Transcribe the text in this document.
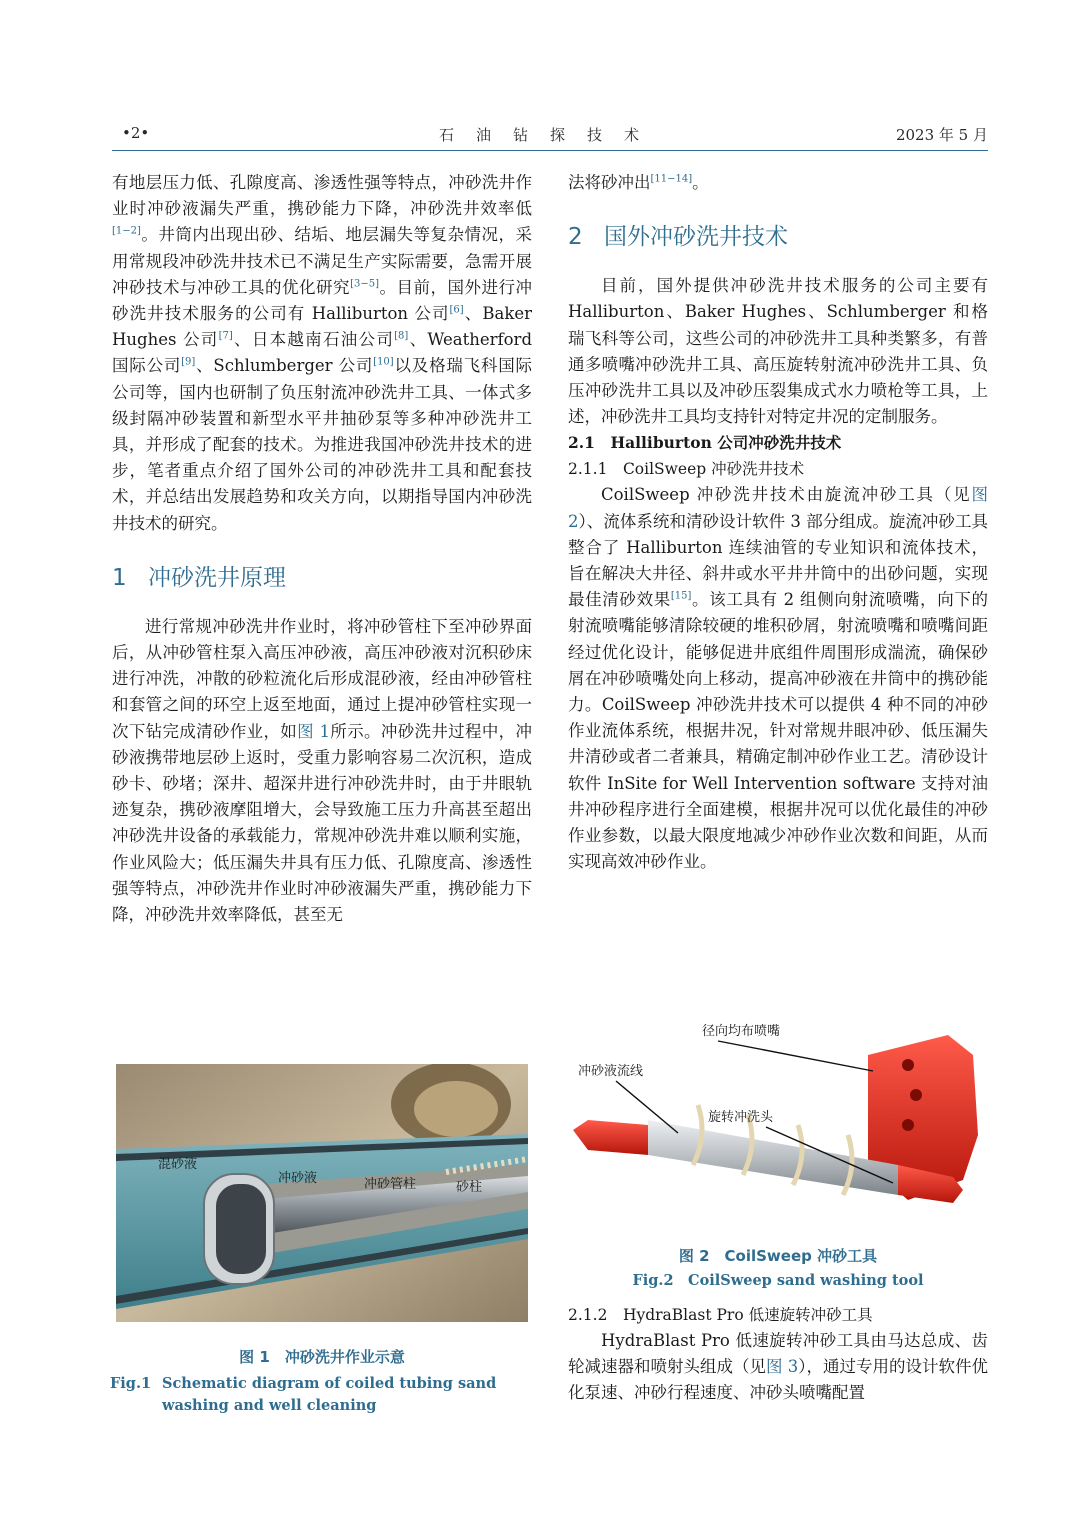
•2•	石油钻探技术	2023 年 5 月

有地层压力低、孔隙度高、渗透性强等特点，冲砂洗井作业时冲砂液漏失严重，携砂能力下降，冲砂洗井效率低[1−2]。井筒内出现出砂、结垢、地层漏失等复杂情况，采用常规段冲砂洗井技术已不满足生产实际需要，急需开展冲砂技术与冲砂工具的优化研究[3−5]。目前，国外进行冲砂洗井技术服务的公司有 Halliburton 公司[6]、Baker Hughes 公司[7]、日本越南石油公司[8]、Weatherford 国际公司[9]、Schlumberger 公司[10]以及格瑞飞科国际公司等，国内也研制了负压射流冲砂洗井工具、一体式多级封隔冲砂装置和新型水平井抽砂泵等多种冲砂洗井工具，并形成了配套的技术。为推进我国冲砂洗井技术的进步，笔者重点介绍了国外公司的冲砂洗井工具和配套技术，并总结出发展趋势和攻关方向，以期指导国内冲砂洗井技术的研究。

1 冲砂洗井原理

进行常规冲砂洗井作业时，将冲砂管柱下至冲砂界面后，从冲砂管柱泵入高压冲砂液，高压冲砂液对沉积砂床进行冲洗，冲散的砂粒流化后形成混砂液，经由冲砂管柱和套管之间的环空上返至地面，通过上提冲砂管柱实现一次下钻完成清砂作业，如图 1所示。冲砂洗井过程中，冲砂液携带地层砂上返时，受重力影响容易二次沉积，造成砂卡、砂堵；深井、超深井进行冲砂洗井时，由于井眼轨迹复杂，携砂液摩阻增大，会导致施工压力升高甚至超出冲砂洗井设备的承载能力，常规冲砂洗井难以顺利实施，作业风险大；低压漏失井具有压力低、孔隙度高、渗透性强等特点，冲砂洗井作业时冲砂液漏失严重，携砂能力下降，冲砂洗井效率降低，甚至无

混砂液
冲砂液	冲砂管柱	砂柱
图 1　冲砂洗井作业示意
Fig.1 Schematic diagram of coiled tubing sand washing and well cleaning

法将砂冲出[11−14]。

2 国外冲砂洗井技术

目前，国外提供冲砂洗井技术服务的公司主要有 Halliburton、Baker Hughes、Schlumberger 和格瑞飞科等公司，这些公司的冲砂洗井工具种类繁多，有普通多喷嘴冲砂洗井工具、高压旋转射流冲砂洗井工具、负压冲砂洗井工具以及冲砂压裂集成式水力喷枪等工具，上述，冲砂洗井工具均支持针对特定井况的定制服务。

2.1　Halliburton 公司冲砂洗井技术
2.1.1　CoilSweep 冲砂洗井技术

CoilSweep 冲砂洗井技术由旋流冲砂工具（见图 2）、流体系统和清砂设计软件 3 部分组成。旋流冲砂工具整合了 Halliburton 连续油管的专业知识和流体技术，旨在解决大井径、斜井或水平井井筒中的出砂问题，实现最佳清砂效果[15]。该工具有 2 组侧向射流喷嘴，向下的射流喷嘴能够清除较硬的堆积砂屑，射流喷嘴和喷嘴间距经过优化设计，能够促进井底组件周围形成湍流，确保砂屑在冲砂喷嘴处向上移动，提高冲砂液在井筒中的携砂能力。CoilSweep 冲砂洗井技术可以提供 4 种不同的冲砂作业流体系统，根据井况，针对常规井眼冲砂、低压漏失井清砂或者二者兼具，精确定制冲砂作业工艺。清砂设计软件 InSite for Well Intervention software 支持对油井冲砂程序进行全面建模，根据井况可以优化最佳的冲砂作业参数，以最大限度地减少冲砂作业次数和间距，从而实现高效冲砂作业。

径向均布喷嘴
冲砂液流线
旋转冲洗头
图 2　CoilSweep 冲砂工具
Fig.2　CoilSweep sand washing tool
2.1.2　HydraBlast Pro 低速旋转冲砂工具

HydraBlast Pro 低速旋转冲砂工具由马达总成、齿轮减速器和喷射头组成（见图 3），通过专用的设计软件优化泵速、冲砂行程速度、冲砂头喷嘴配置
